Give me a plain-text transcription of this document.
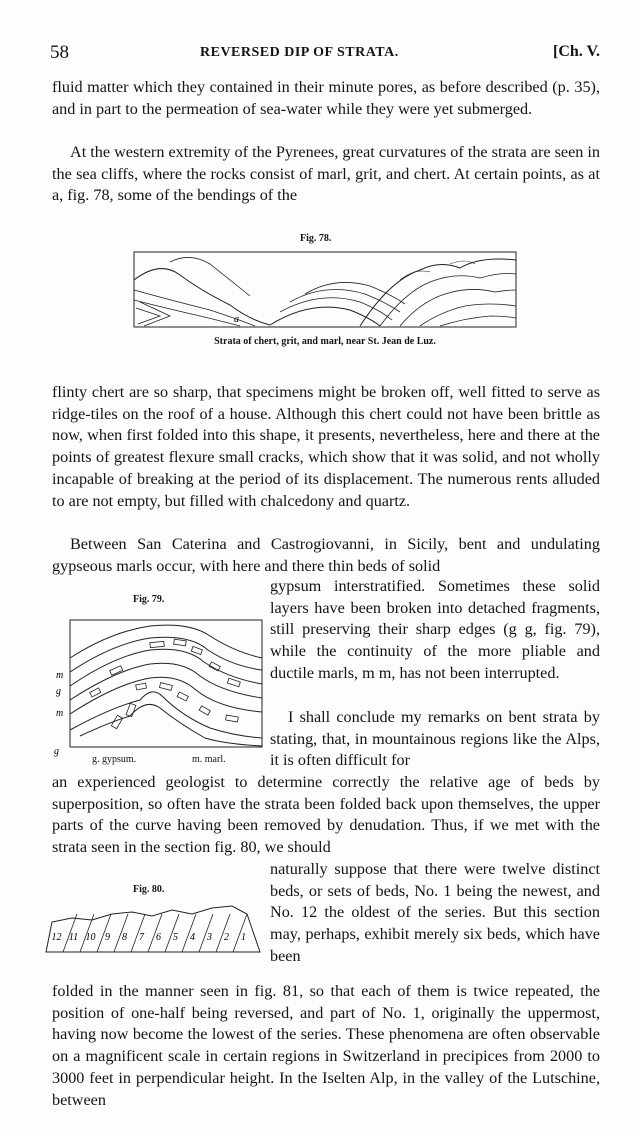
58	REVERSED DIP OF STRATA.	[Ch. V.

fluid matter which they contained in their minute pores, as before described (p. 35), and in part to the permeation of sea-water while they were yet submerged.

At the western extremity of the Pyrenees, great curvatures of the strata are seen in the sea cliffs, where the rocks consist of marl, grit, and chert. At certain points, as at a, fig. 78, some of the bendings of the

Fig. 78.
a
Strata of chert, grit, and marl, near St. Jean de Luz.

flinty chert are so sharp, that specimens might be broken off, well fitted to serve as ridge-tiles on the roof of a house. Although this chert could not have been brittle as now, when first folded into this shape, it presents, nevertheless, here and there at the points of greatest flexure small cracks, which show that it was solid, and not wholly incapable of breaking at the period of its displacement. The numerous rents alluded to are not empty, but filled with chalcedony and quartz.

Between San Caterina and Castrogiovanni, in Sicily, bent and undulating gypseous marls occur, with here and there thin beds of solid

Fig. 79.
m
g
m
g
g. gypsum.	m. marl.

gypsum interstratified. Sometimes these solid layers have been broken into detached fragments, still preserving their sharp edges (g g, fig. 79), while the continuity of the more pliable and ductile marls, m m, has not been interrupted.

I shall conclude my remarks on bent strata by stating, that, in mountainous regions like the Alps, it is often difficult for

an experienced geologist to determine correctly the relative age of beds by superposition, so often have the strata been folded back upon themselves, the upper parts of the curve having been removed by denudation. Thus, if we met with the strata seen in the section fig. 80, we should

Fig. 80.
12 11 10 9 8 7 6 5 4 3 2 1

naturally suppose that there were twelve distinct beds, or sets of beds, No. 1 being the newest, and No. 12 the oldest of the series. But this section may, perhaps, exhibit merely six beds, which have been

folded in the manner seen in fig. 81, so that each of them is twice repeated, the position of one-half being reversed, and part of No. 1, originally the uppermost, having now become the lowest of the series. These phenomena are often observable on a magnificent scale in certain regions in Switzerland in precipices from 2000 to 3000 feet in perpendicular height. In the Iselten Alp, in the valley of the Lutschine, between
